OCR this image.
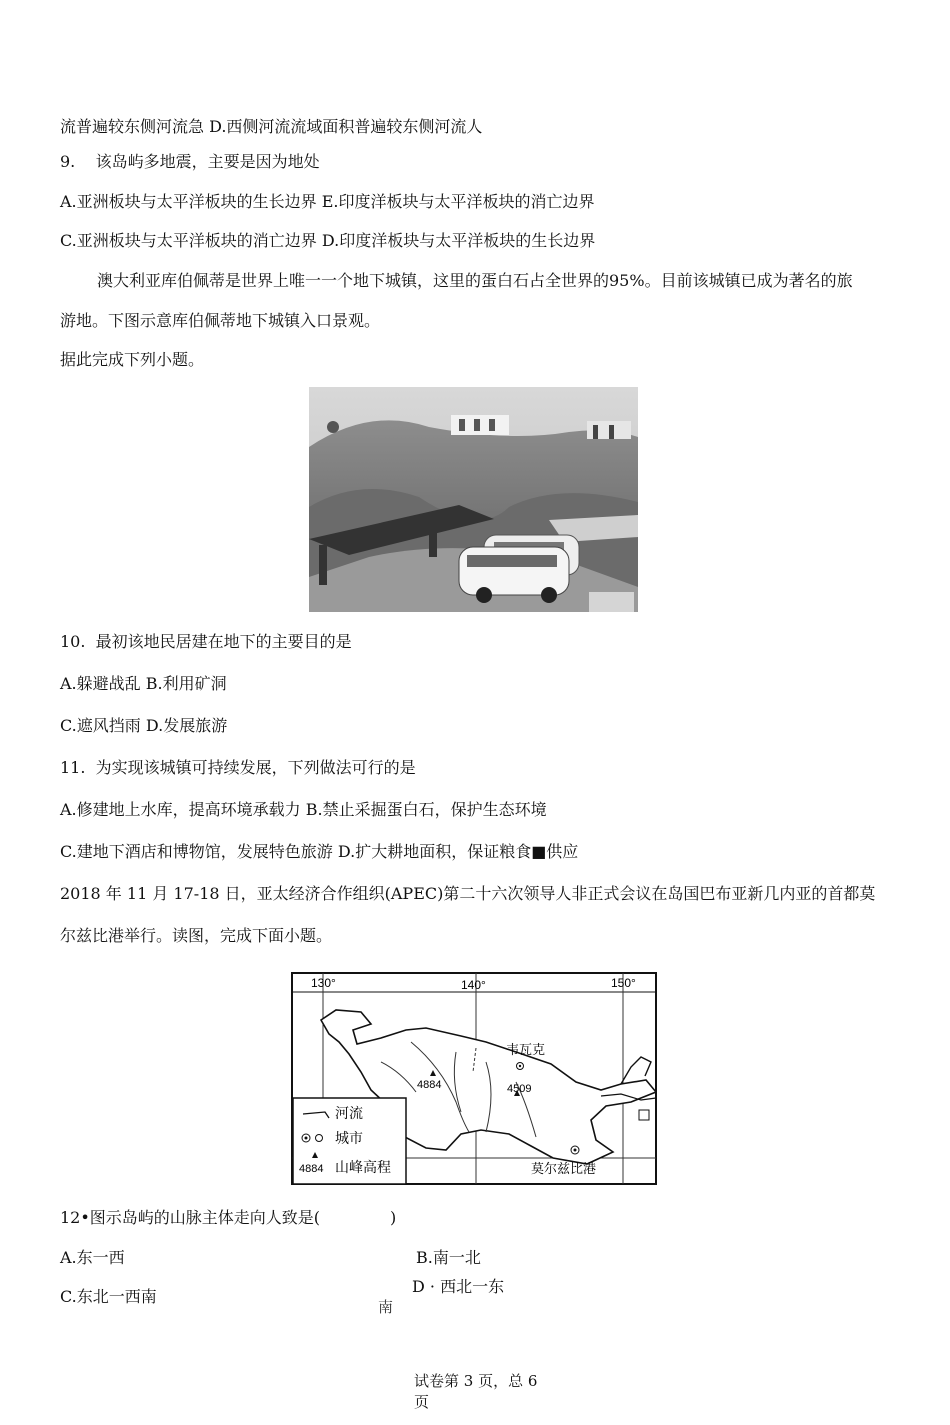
流普遍较东侧河流急 D.西侧河流流域面积普遍较东侧河流人
9.    该岛屿多地震，主要是因为地处
A.亚洲板块与太平洋板块的生长边界 E.印度洋板块与太平洋板块的消亡边界
C.亚洲板块与太平洋板块的消亡边界 D.印度洋板块与太平洋板块的生长边界
澳大利亚库伯佩蒂是世界上唯一一个地下城镇，这里的蛋白石占全世界的95%。目前该城镇已成为著名的旅
游地。下图示意库伯佩蒂地下城镇入口景观。
据此完成下列小题。
10.  最初该地民居建在地下的主要目的是
A.躲避战乱 B.利用矿洞
C.遮风挡雨 D.发展旅游
11.  为实现该城镇可持续发展，下列做法可行的是
A.修建地上水库，提高环境承载力 B.禁止采掘蛋白石，保护生态环境
C.建地下酒店和博物馆，发展特色旅游 D.扩大耕地面积，保证粮食■供应
2018 年 11 月 17-18 日，亚太经济合作组织(APEC)第二十六次领导人非正式会议在岛国巴布亚新几内亚的首都莫
尔兹比港举行。读图，完成下面小题。
130°	140°	150°
韦瓦克
4884	4509
莫尔兹比港
河流
城市
4884 山峰高程
12•图示岛屿的山脉主体走向人致是(	)
A.东一西	B.南一北
C.东北一西南
D · 西北一东
南
试卷第 3 页，总 6
页
